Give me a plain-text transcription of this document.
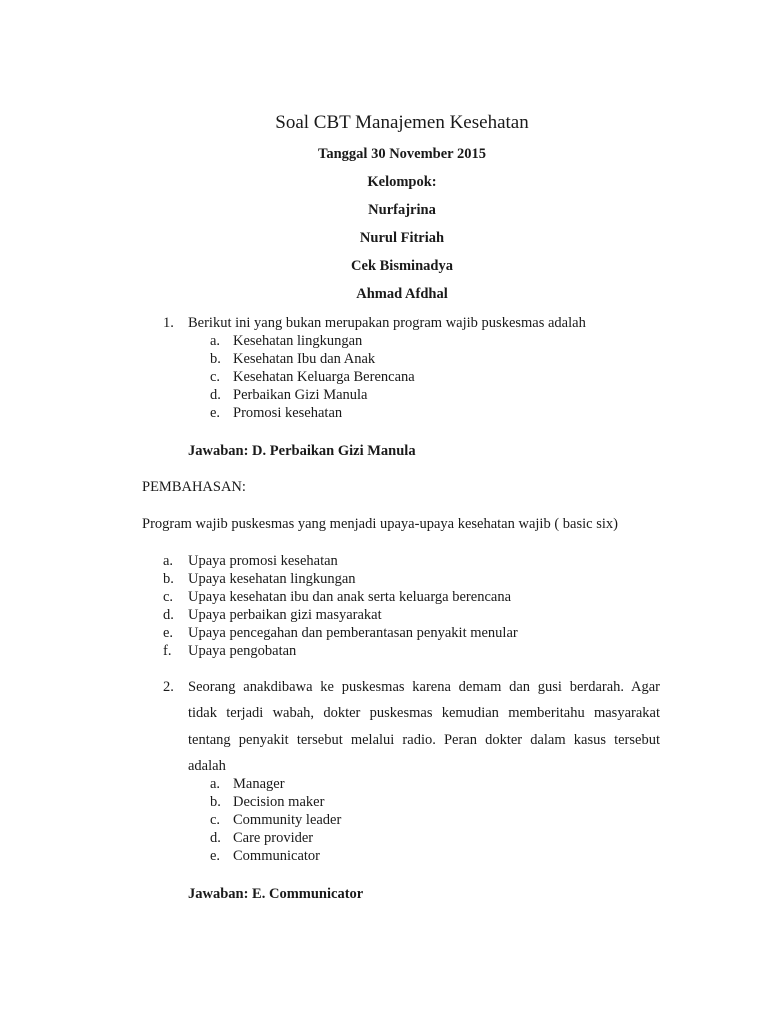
Soal CBT Manajemen Kesehatan
Tanggal 30 November 2015
Kelompok:
Nurfajrina
Nurul Fitriah
Cek Bisminadya
Ahmad Afdhal
1. Berikut ini yang bukan merupakan program wajib puskesmas adalah
a. Kesehatan lingkungan
b. Kesehatan Ibu dan Anak
c. Kesehatan Keluarga Berencana
d. Perbaikan Gizi Manula
e. Promosi kesehatan
Jawaban: D. Perbaikan Gizi Manula
PEMBAHASAN:
Program wajib puskesmas yang menjadi upaya-upaya kesehatan wajib ( basic six)
a. Upaya promosi kesehatan
b. Upaya kesehatan lingkungan
c. Upaya kesehatan ibu dan anak serta keluarga berencana
d. Upaya perbaikan gizi masyarakat
e. Upaya pencegahan dan pemberantasan penyakit menular
f. Upaya pengobatan
2. Seorang anakdibawa ke puskesmas karena demam dan gusi berdarah. Agar
tidak terjadi wabah, dokter puskesmas kemudian memberitahu masyarakat
tentang penyakit tersebut melalui radio. Peran dokter dalam kasus tersebut
adalah
a. Manager
b. Decision maker
c. Community leader
d. Care provider
e. Communicator
Jawaban: E. Communicator
